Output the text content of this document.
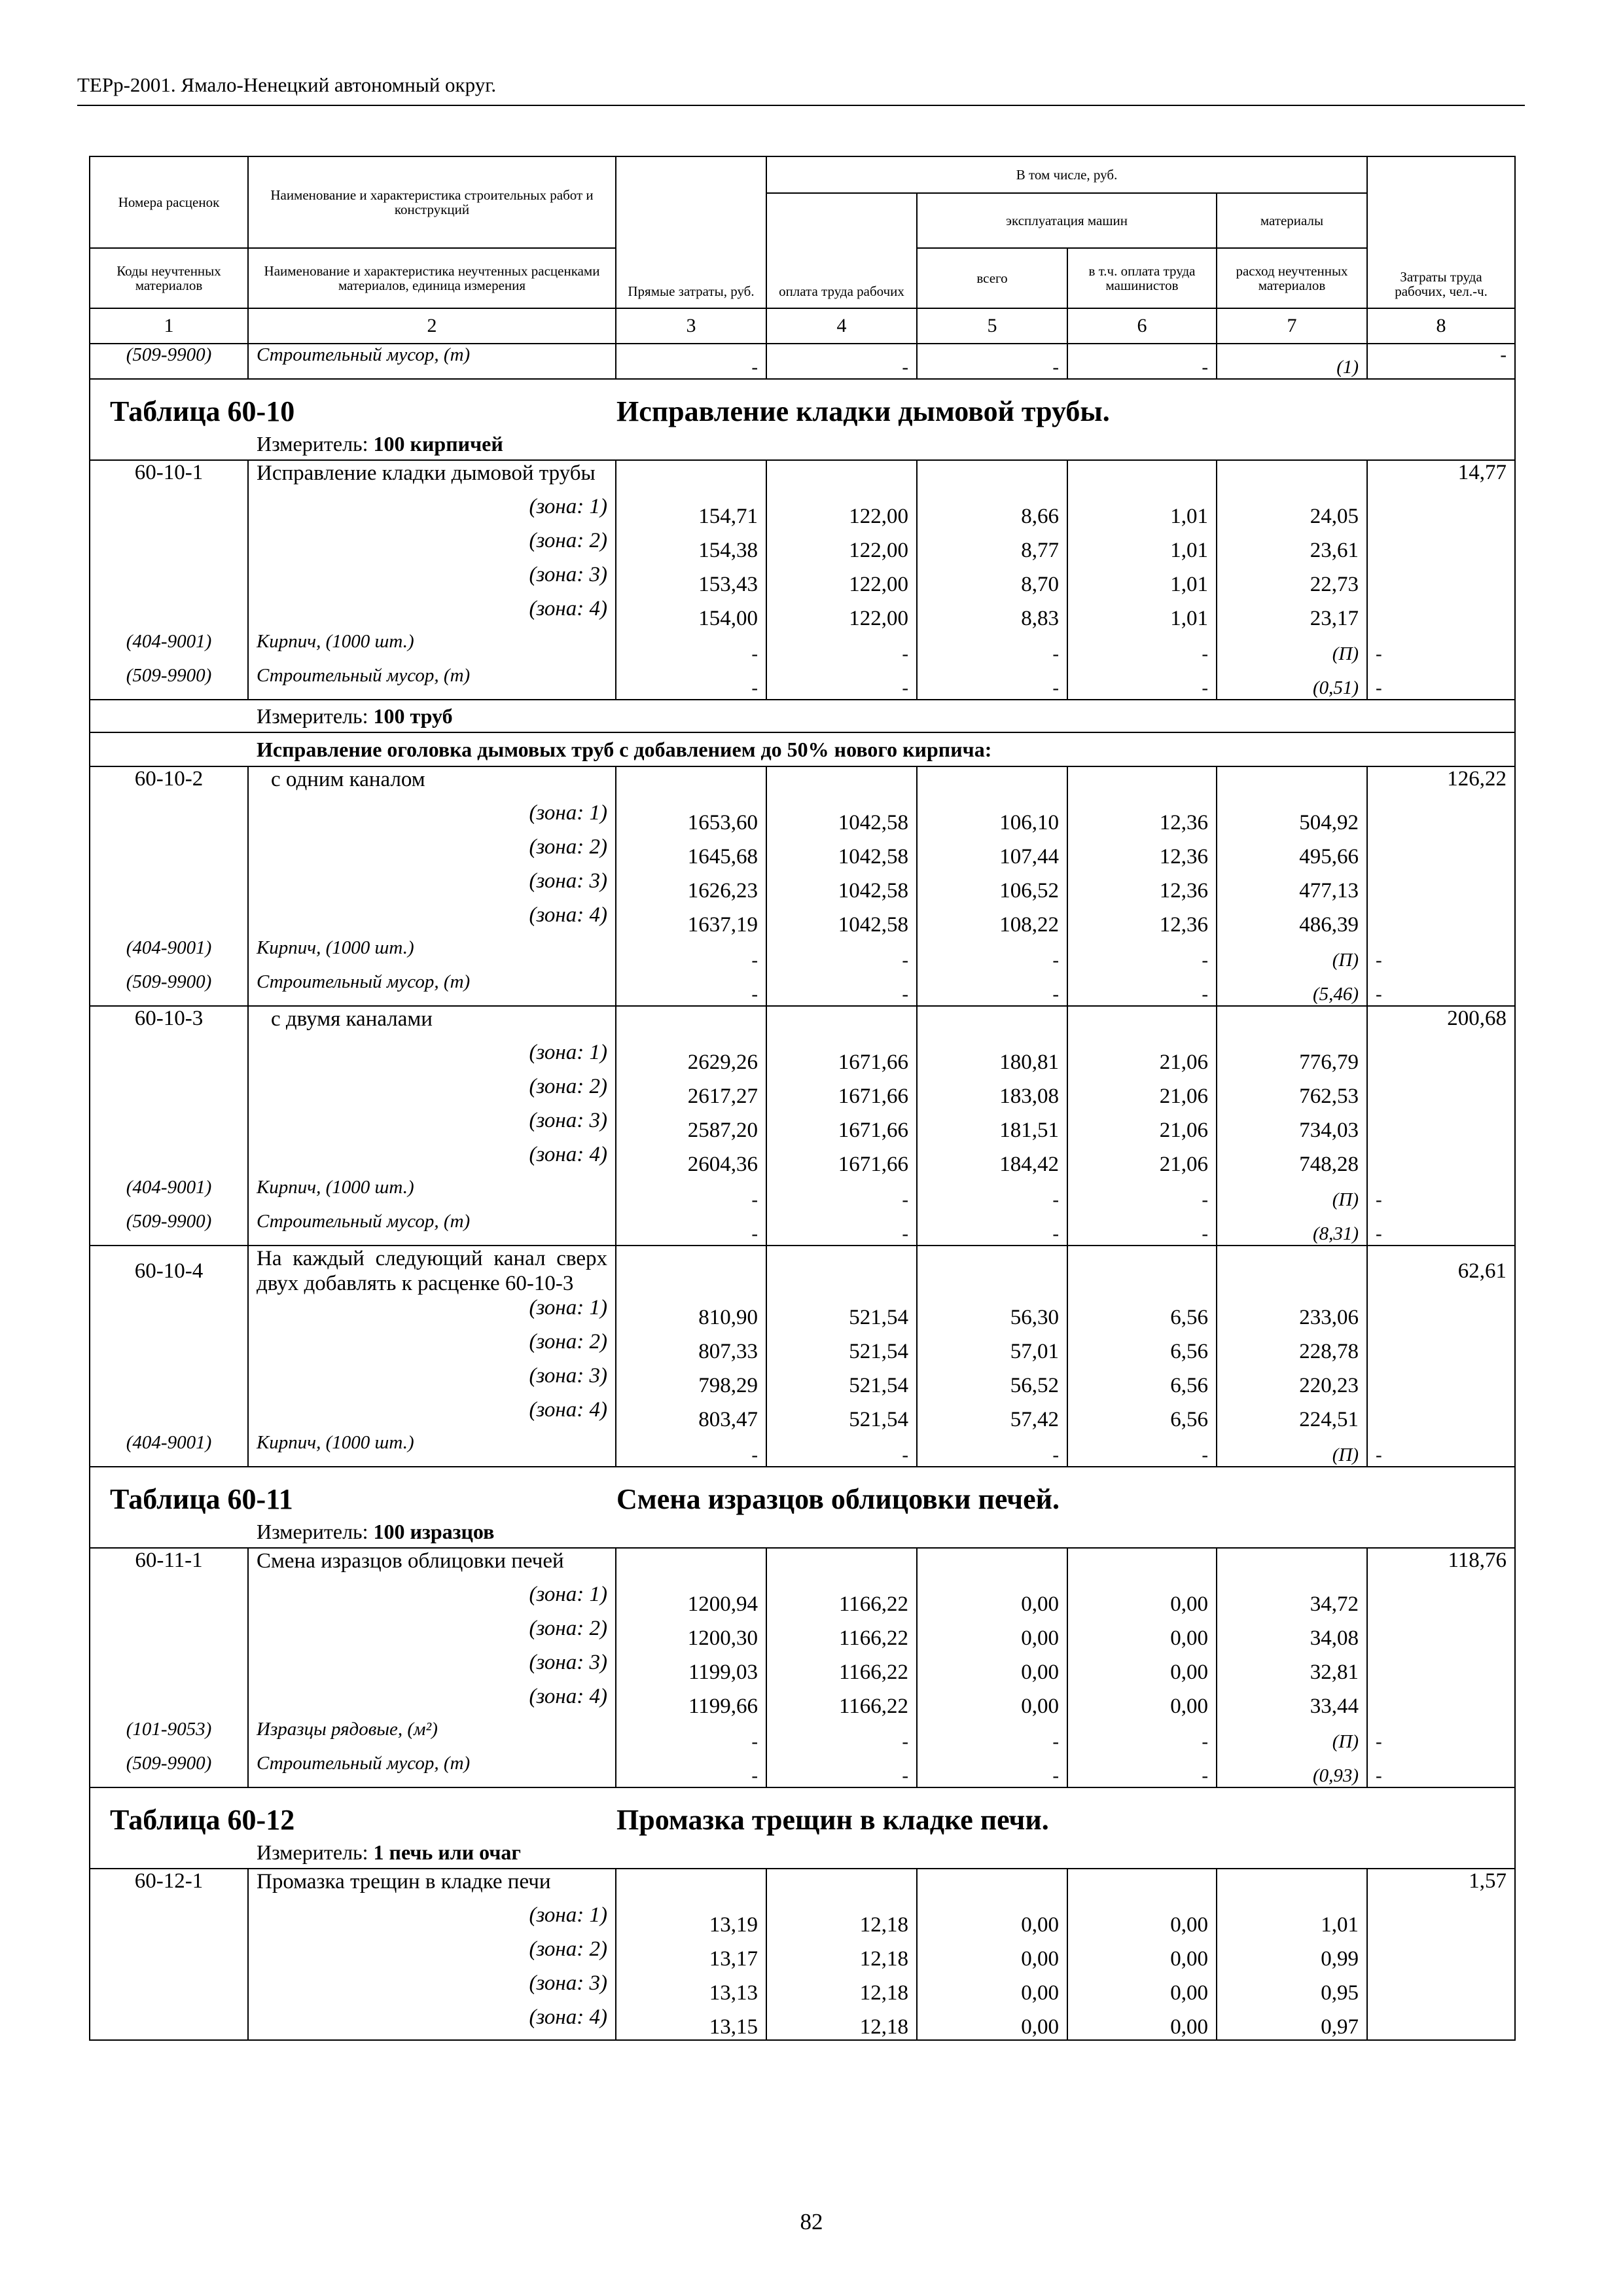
ТЕРр-2001. Ямало-Ненецкий автономный округ.
Номера расценок	Наименование и характеристика строительных работ и конструкций	Прямые затраты, руб.	В том числе, руб.				Затраты труда рабочих, чел.-ч.
			оплата труда рабочих	эксплуатация машин		материалы	
Коды неучтенных материалов	Наименование и характеристика неучтенных расценками материалов, единица измерения			всего	в т.ч. оплата труда машинистов	расход неучтенных материалов	
1	2	3	4	5	6	7	8
(509-9900)	Строительный мусор, (т)	-	-	-	-	(1)	-
Таблица 60-10 Исправление кладки дымовой трубы.							
Измеритель: 100 кирпичей							
60-10-1	Исправление кладки дымовой трубы						14,77
	(зона: 1)	154,71	122,00	8,66	1,01	24,05	
	(зона: 2)	154,38	122,00	8,77	1,01	23,61	
	(зона: 3)	153,43	122,00	8,70	1,01	22,73	
	(зона: 4)	154,00	122,00	8,83	1,01	23,17	
(404-9001)	Кирпич, (1000 шт.)	-	-	-	-	(П)	-
(509-9900)	Строительный мусор, (т)	-	-	-	-	(0,51)	-
Измеритель: 100 труб							
Исправление оголовка дымовых труб с добавлением до 50% нового кирпича:							
60-10-2	с одним каналом						126,22
	(зона: 1)	1653,60	1042,58	106,10	12,36	504,92	
	(зона: 2)	1645,68	1042,58	107,44	12,36	495,66	
	(зона: 3)	1626,23	1042,58	106,52	12,36	477,13	
	(зона: 4)	1637,19	1042,58	108,22	12,36	486,39	
(404-9001)	Кирпич, (1000 шт.)	-	-	-	-	(П)	-
(509-9900)	Строительный мусор, (т)	-	-	-	-	(5,46)	-
60-10-3	с двумя каналами						200,68
	(зона: 1)	2629,26	1671,66	180,81	21,06	776,79	
	(зона: 2)	2617,27	1671,66	183,08	21,06	762,53	
	(зона: 3)	2587,20	1671,66	181,51	21,06	734,03	
	(зона: 4)	2604,36	1671,66	184,42	21,06	748,28	
(404-9001)	Кирпич, (1000 шт.)	-	-	-	-	(П)	-
(509-9900)	Строительный мусор, (т)	-	-	-	-	(8,31)	-
60-10-4	На каждый следующий канал сверх двух добавлять к расценке 60-10-3						62,61
	(зона: 1)	810,90	521,54	56,30	6,56	233,06	
	(зона: 2)	807,33	521,54	57,01	6,56	228,78	
	(зона: 3)	798,29	521,54	56,52	6,56	220,23	
	(зона: 4)	803,47	521,54	57,42	6,56	224,51	
(404-9001)	Кирпич, (1000 шт.)	-	-	-	-	(П)	-
Таблица 60-11 Смена изразцов облицовки печей.							
Измеритель: 100 изразцов							
60-11-1	Смена изразцов облицовки печей						118,76
	(зона: 1)	1200,94	1166,22	0,00	0,00	34,72	
	(зона: 2)	1200,30	1166,22	0,00	0,00	34,08	
	(зона: 3)	1199,03	1166,22	0,00	0,00	32,81	
	(зона: 4)	1199,66	1166,22	0,00	0,00	33,44	
(101-9053)	Изразцы рядовые, (м²)	-	-	-	-	(П)	-
(509-9900)	Строительный мусор, (т)	-	-	-	-	(0,93)	-
Таблица 60-12 Промазка трещин в кладке печи.							
Измеритель: 1 печь или очаг							
60-12-1	Промазка трещин в кладке печи						1,57
	(зона: 1)	13,19	12,18	0,00	0,00	1,01	
	(зона: 2)	13,17	12,18	0,00	0,00	0,99	
	(зона: 3)	13,13	12,18	0,00	0,00	0,95	
	(зона: 4)	13,15	12,18	0,00	0,00	0,97	
82
